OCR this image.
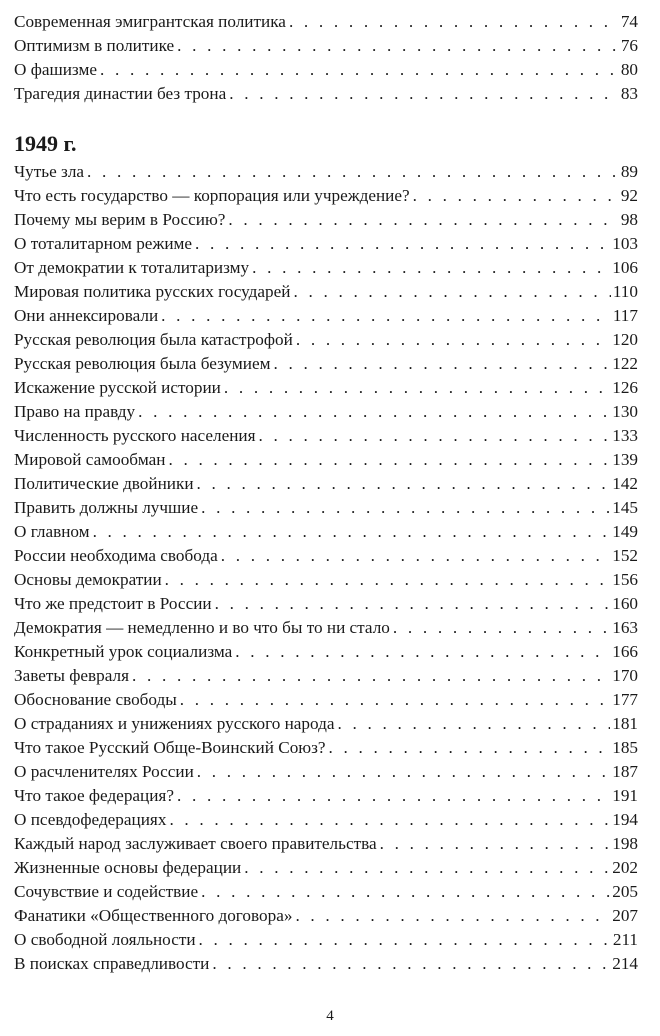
Современная эмигрантская политика . . .	74
Оптимизм в политике . . .	76
О фашизме . . .	80
Трагедия династии без трона . . .	83
1949 г.
Чутье зла . . .	89
Что есть государство — корпорация или учреждение? . . .	92
Почему мы верим в Россию? . . .	98
О тоталитарном режиме . . .	103
От демократии к тоталитаризму . . .	106
Мировая политика русских государей . . .	110
Они аннексировали . . .	117
Русская революция была катастрофой . . .	120
Русская революция была безумием . . .	122
Искажение русской истории . . .	126
Право на правду . . .	130
Численность русского населения . . .	133
Мировой самообман . . .	139
Политические двойники . . .	142
Править должны лучшие . . .	145
О главном . . .	149
России необходима свобода . . .	152
Основы демократии . . .	156
Что же предстоит в России . . .	160
Демократия — немедленно и во что бы то ни стало . . .	163
Конкретный урок социализма . . .	166
Заветы февраля . . .	170
Обоснование свободы . . .	177
О страданиях и унижениях русского народа . . .	181
Что такое Русский Обще-Воинский Союз? . . .	185
О расчленителях России . . .	187
Что такое федерация? . . .	191
О псевдофедерациях . . .	194
Каждый народ заслуживает своего правительства . . .	198
Жизненные основы федерации . . .	202
Сочувствие и содействие . . .	205
Фанатики «Общественного договора» . . .	207
О свободной лояльности . . .	211
В поисках справедливости . . .	214
4
